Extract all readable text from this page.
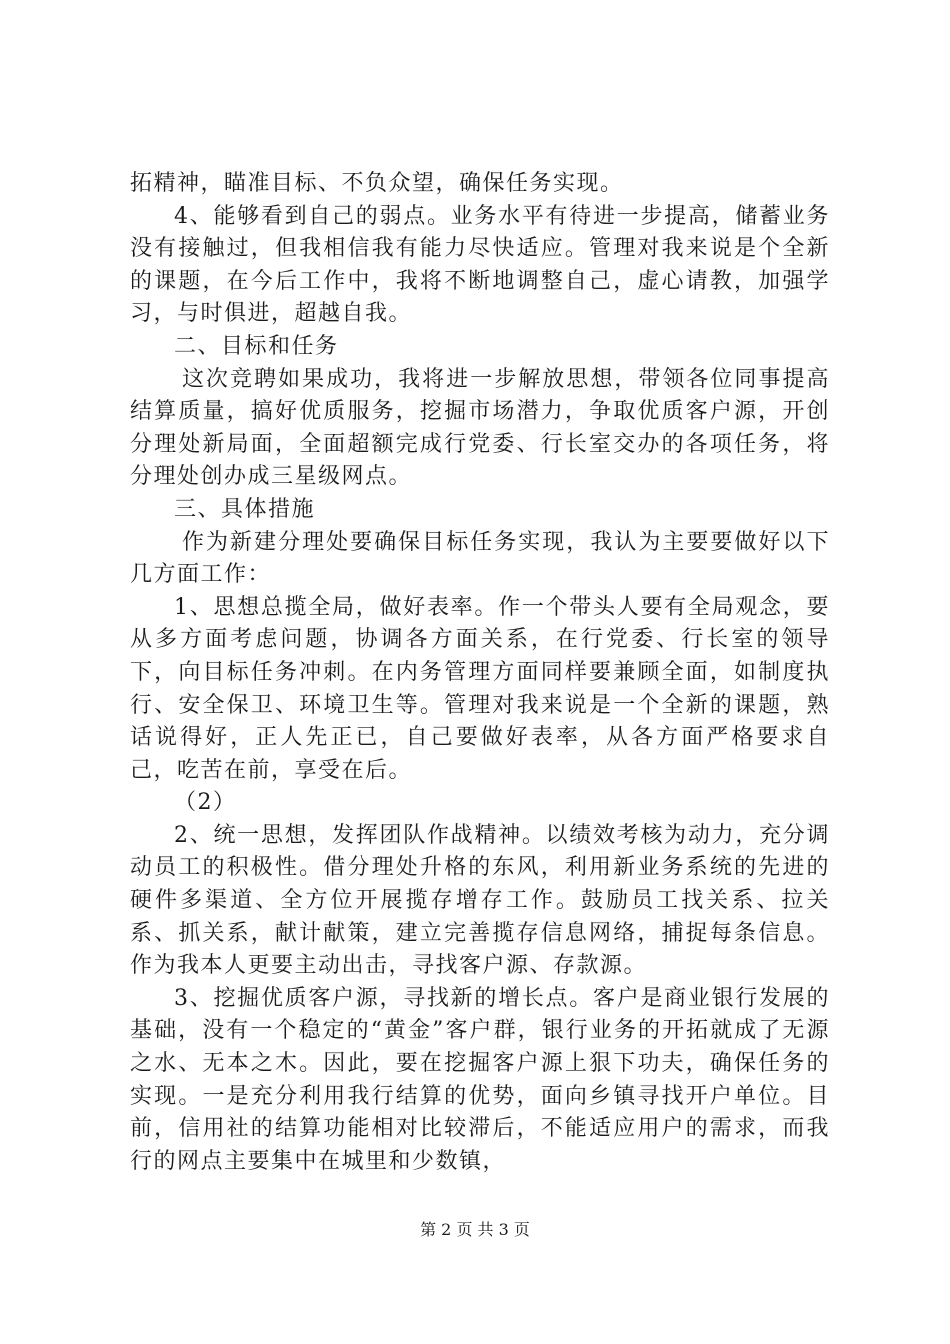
拓精神，瞄准目标、不负众望，确保任务实现。

4、能够看到自己的弱点。业务水平有待进一步提高，储蓄业务没有接触过，但我相信我有能力尽快适应。管理对我来说是个全新的课题，在今后工作中，我将不断地调整自己，虚心请教，加强学习，与时俱进，超越自我。

二、目标和任务

这次竞聘如果成功，我将进一步解放思想，带领各位同事提高结算质量，搞好优质服务，挖掘市场潜力，争取优质客户源，开创分理处新局面，全面超额完成行党委、行长室交办的各项任务，将分理处创办成三星级网点。

三、具体措施

作为新建分理处要确保目标任务实现，我认为主要要做好以下几方面工作：

1、思想总揽全局，做好表率。作一个带头人要有全局观念，要从多方面考虑问题，协调各方面关系，在行党委、行长室的领导下，向目标任务冲刺。在内务管理方面同样要兼顾全面，如制度执行、安全保卫、环境卫生等。管理对我来说是一个全新的课题，熟话说得好，正人先正已，自己要做好表率，从各方面严格要求自己，吃苦在前，享受在后。

（2）

2、统一思想，发挥团队作战精神。以绩效考核为动力，充分调动员工的积极性。借分理处升格的东风，利用新业务系统的先进的硬件多渠道、全方位开展揽存增存工作。鼓励员工找关系、拉关系、抓关系，献计献策，建立完善揽存信息网络，捕捉每条信息。作为我本人更要主动出击，寻找客户源、存款源。

3、挖掘优质客户源，寻找新的增长点。客户是商业银行发展的基础，没有一个稳定的“黄金”客户群，银行业务的开拓就成了无源之水、无本之木。因此，要在挖掘客户源上狠下功夫，确保任务的实现。一是充分利用我行结算的优势，面向乡镇寻找开户单位。目前，信用社的结算功能相对比较滞后，不能适应用户的需求，而我行的网点主要集中在城里和少数镇，

第 2 页 共 3 页
